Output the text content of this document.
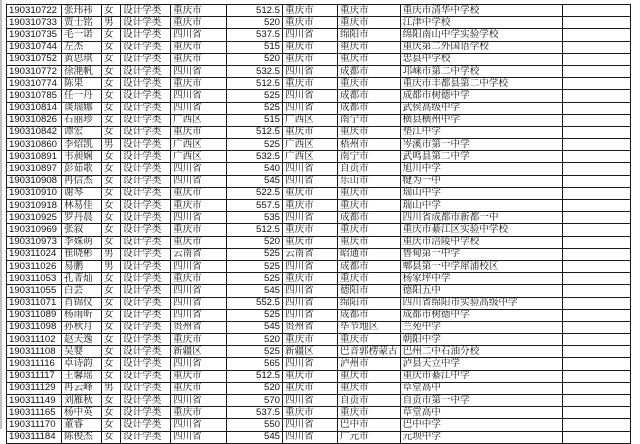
190310722	张玮祎	女	设计学类	重庆市	512.5	重庆市	重庆市	重庆市清华中学校	
190310733	贾士铭	男	设计学类	重庆市	520	重庆市	重庆市	江津中学校	
190310735	毛一诺	女	设计学类	四川省	537.5	四川省	绵阳市	绵阳南山中学实验学校	
190310744	左杰	女	设计学类	重庆市	515	重庆市	重庆市	重庆第二外国语学校	
190310752	黄思琪	女	设计学类	重庆市	520	重庆市	重庆市	忠县中学校	
190310772	徐滟帆	女	设计学类	四川省	532.5	四川省	成都市	邛崃市第二中学校	
190310774	陈果	女	设计学类	重庆市	512.5	重庆市	重庆市	重庆市丰都县第二中学校	
190310785	任一丹	女	设计学类	四川省	525	四川省	成都市	成都市树德中学	
190310814	谈瑞娜	女	设计学类	四川省	525	四川省	成都市	武侯高级中学	
190310826	石丽珍	女	设计学类	广西区	515	广西区	南宁市	横县横州中学	
190310842	谭宏	女	设计学类	重庆市	512.5	重庆市	重庆市	垫江中学	
190310860	李炤凯	男	设计学类	广西区	525	广西区	梧州市	岑溪市第一中学	
190310891	韦昶娴	女	设计学类	广西区	532.5	广西区	南宁市	武鸣县第二中学	
190310897	彭茹歌	女	设计学类	四川省	540	四川省	自贡市	旭川中学	
190310908	冉信杰	女	设计学类	四川省	545	四川省	乐山市	犍为一中	
190310910	谢琴	女	设计学类	重庆市	522.5	重庆市	重庆市	瑞山中学	
190310918	林易佳	女	设计学类	重庆市	557.5	重庆市	重庆市	瑞山中学	
190310925	罗丹晨	女	设计学类	四川省	535	四川省	成都市	四川省成都市新都一中	
190310969	张叙	女	设计学类	重庆市	512.5	重庆市	重庆市	重庆市綦江区实验中学校	
190310973	李姝萌	女	设计学类	重庆市	520	重庆市	重庆市	重庆市涪陵中学校	
190311024	崔晓彬	男	设计学类	云南省	525	云南省	昭通市	鲁甸第一中学	
190311026	易鹏	男	设计学类	四川省	525	四川省	成都市	郫县第一中学犀浦校区	
190311053	孔菁灿	女	设计学类	重庆市	525	重庆市	重庆市	杨家坪中学	
190311055	白芸	女	设计学类	四川省	545	四川省	德阳市	德阳五中	
190311071	肖锦仪	女	设计学类	四川省	552.5	四川省	绵阳市	四川省绵阳市实验高级中学	
190311089	杨雨昕	女	设计学类	四川省	525	四川省	成都市	成都市树德中学	
190311098	孙秋月	女	设计学类	贵州省	545	贵州省	毕节地区	兰苑中学	
190311102	赵天逸	女	设计学类	重庆市	520	重庆市	重庆市	朝阳中学	
190311108	吴婴	女	设计学类	新疆区	525	新疆区	巴音郭楞蒙古	巴州二中石油分校	
190311116	卓诗韵	女	设计学类	四川省	565	四川省	泸州市	泸县天立中学	
190311117	王馨瑶	女	设计学类	重庆市	512.5	重庆市	重庆市	重庆市綦江中学	
190311129	冉云峰	男	设计学类	重庆市	520	重庆市	重庆市	草堂高中	
190311149	刘雁秋	女	设计学类	四川省	570	四川省	自贡市	自贡市第一中学	
190311165	杨中英	女	设计学类	重庆市	537.5	重庆市	重庆市	草堂高中	
190311170	董睿	女	设计学类	四川省	550	四川省	巴中市	巴中中学	
190311184	陈俊杰	女	设计学类	四川省	545	四川省	广元市	元坝中学	
